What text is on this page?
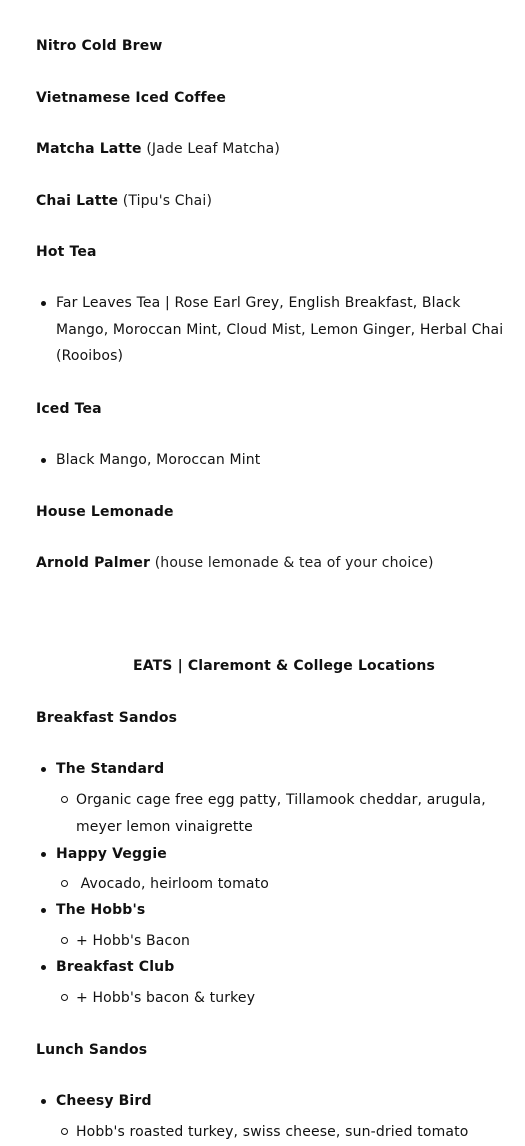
Nitro Cold Brew
Vietnamese Iced Coffee
Matcha Latte (Jade Leaf Matcha)
Chai Latte (Tipu's Chai)
Hot Tea
Far Leaves Tea | Rose Earl Grey, English Breakfast, Black
Mango, Moroccan Mint, Cloud Mist, Lemon Ginger, Herbal Chai
(Rooibos)
Iced Tea
Black Mango, Moroccan Mint
House Lemonade
Arnold Palmer (house lemonade & tea of your choice)
EATS | Claremont & College Locations
Breakfast Sandos
The Standard
Organic cage free egg patty, Tillamook cheddar, arugula,
meyer lemon vinaigrette
Happy Veggie
Avocado, heirloom tomato
The Hobb's
+ Hobb's Bacon
Breakfast Club
+ Hobb's bacon & turkey
Lunch Sandos
Cheesy Bird
Hobb's roasted turkey, swiss cheese, sun-dried tomato
